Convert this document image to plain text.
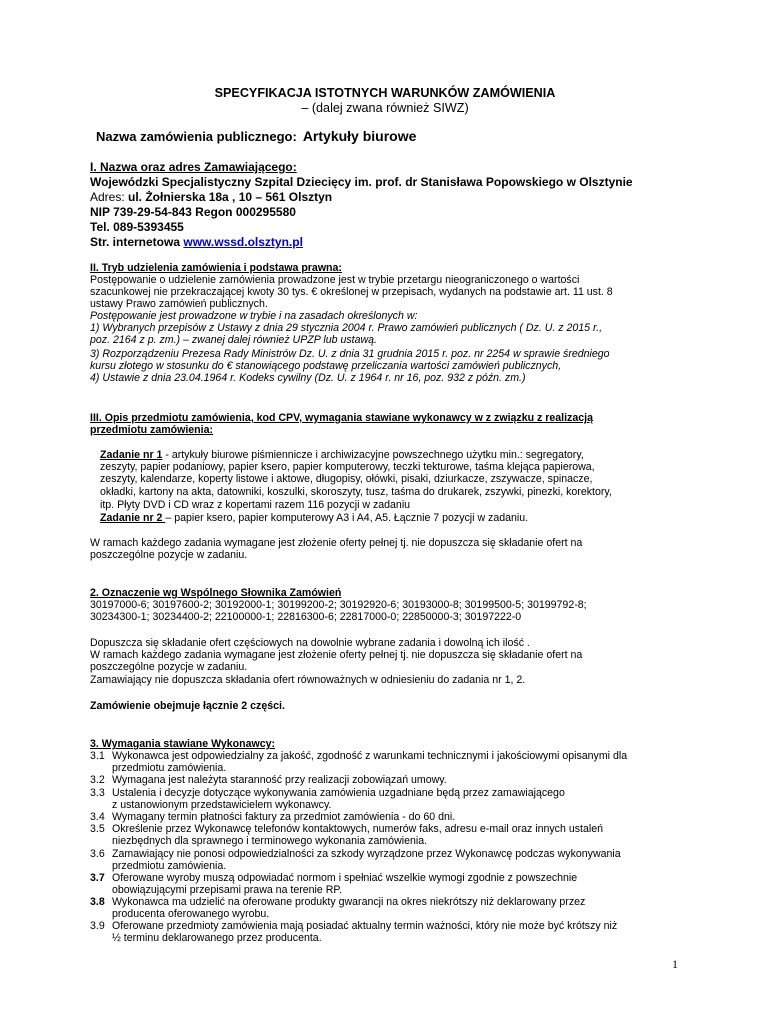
SPECYFIKACJA ISTOTNYCH WARUNKÓW ZAMÓWIENIA
– (dalej zwana również SIWZ)
Nazwa zamówienia publicznego: Artykuły biurowe
I. Nazwa oraz adres Zamawiającego:
Wojewódzki Specjalistyczny Szpital Dziecięcy im. prof. dr Stanisława Popowskiego w Olsztynie
Adres: ul. Żołnierska 18a , 10 – 561 Olsztyn
NIP 739-29-54-843 Regon 000295580
Tel. 089-5393455
Str. internetowa www.wssd.olsztyn.pl
II. Tryb udzielenia zamówienia i podstawa prawna:
Postępowanie o udzielenie zamówienia prowadzone jest w trybie przetargu nieograniczonego o wartości
szacunkowej nie przekraczającej kwoty 30 tys. € określonej w przepisach, wydanych na podstawie art. 11 ust. 8
ustawy Prawo zamówień publicznych.
Postępowanie jest prowadzone w trybie i na zasadach określonych w:
1) Wybranych przepisów z Ustawy z dnia 29 stycznia 2004 r. Prawo zamówień publicznych ( Dz. U. z 2015 r.,
poz. 2164 z p. zm.) – zwanej dalej również UPZP lub ustawą.
3) Rozporządzeniu Prezesa Rady Ministrów Dz. U. z dnia 31 grudnia 2015 r. poz. nr 2254 w sprawie średniego
kursu złotego w stosunku do € stanowiącego podstawę przeliczania wartości zamówień publicznych,
4) Ustawie z dnia 23.04.1964 r. Kodeks cywilny (Dz. U. z 1964 r. nr 16, poz. 932 z późn. zm.)
III. Opis przedmiotu zamówienia, kod CPV, wymagania stawiane wykonawcy w z związku z realizacją
przedmiotu zamówienia:
Zadanie nr 1 - artykuły biurowe piśmiennicze i archiwizacyjne powszechnego użytku min.: segregatory,
zeszyty, papier podaniowy, papier ksero, papier komputerowy, teczki tekturowe, taśma klejąca papierowa,
zeszyty, kalendarze, koperty listowe i aktowe, długopisy, ołówki, pisaki, dziurkacze, zszywacze, spinacze,
okładki, kartony na akta, datowniki, koszulki, skoroszyty, tusz, taśma do drukarek, zszywki, pinezki, korektory,
itp. Płyty DVD i CD wraz z kopertami razem 116 pozycji w zadaniu
Zadanie nr 2 – papier ksero, papier komputerowy A3 i A4, A5. Łącznie 7 pozycji w zadaniu.
W ramach każdego zadania wymagane jest złożenie oferty pełnej tj. nie dopuszcza się składanie ofert na
poszczególne pozycje w zadaniu.
2. Oznaczenie wg Wspólnego Słownika Zamówień
30197000-6; 30197600-2; 30192000-1; 30199200-2; 30192920-6; 30193000-8; 30199500-5; 30199792-8;
30234300-1; 30234400-2; 22100000-1; 22816300-6; 22817000-0; 22850000-3; 30197222-0
Dopuszcza się składanie ofert częściowych na dowolnie wybrane zadania i dowolną ich ilość .
W ramach każdego zadania wymagane jest złożenie oferty pełnej tj. nie dopuszcza się składanie ofert na
poszczególne pozycje w zadaniu.
Zamawiający nie dopuszcza składania ofert równoważnych w odniesieniu do zadania nr 1, 2.
Zamówienie obejmuje łącznie 2 części.
3. Wymagania stawiane Wykonawcy:
3.1 Wykonawca jest odpowiedzialny za jakość, zgodność z warunkami technicznymi i jakościowymi opisanymi dla
przedmiotu zamówienia.
3.2 Wymagana jest należyta staranność przy realizacji zobowiązań umowy.
3.3 Ustalenia i decyzje dotyczące wykonywania zamówienia uzgadniane będą przez zamawiającego
z ustanowionym przedstawicielem wykonawcy.
3.4 Wymagany termin płatności faktury za przedmiot zamówienia - do 60 dni.
3.5 Określenie przez Wykonawcę telefonów kontaktowych, numerów faks, adresu e-mail oraz innych ustaleń
niezbędnych dla sprawnego i terminowego wykonania zamówienia.
3.6 Zamawiający nie ponosi odpowiedzialności za szkody wyrządzone przez Wykonawcę podczas wykonywania
przedmiotu zamówienia.
3.7 Oferowane wyroby muszą odpowiadać normom i spełniać wszelkie wymogi zgodnie z powszechnie
obowiązującymi przepisami prawa na terenie RP.
3.8 Wykonawca ma udzielić na oferowane produkty gwarancji na okres niekrótszy niż deklarowany przez
producenta oferowanego wyrobu.
3.9 Oferowane przedmioty zamówienia mają posiadać aktualny termin ważności, który nie może być krótszy niż
½ terminu deklarowanego przez producenta.
1
